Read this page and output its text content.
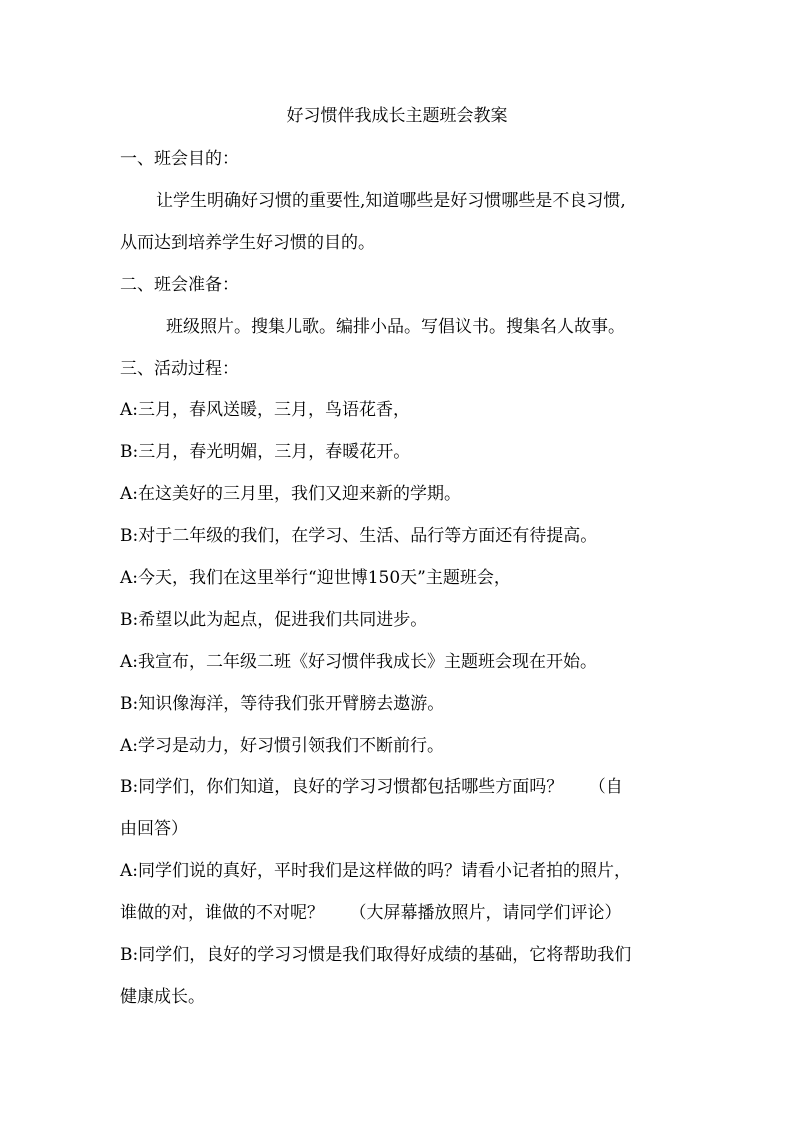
好习惯伴我成长主题班会教案
一、班会目的：
让学生明确好习惯的重要性,知道哪些是好习惯哪些是不良习惯,
从而达到培养学生好习惯的目的。
二、班会准备：
班级照片。搜集儿歌。编排小品。写倡议书。搜集名人故事。
三、活动过程：
A:三月，春风送暖，三月，鸟语花香，
B:三月，春光明媚，三月，春暖花开。
A:在这美好的三月里，我们又迎来新的学期。
B:对于二年级的我们，在学习、生活、品行等方面还有待提高。
A:今天，我们在这里举行“迎世博150天”主题班会，
B:希望以此为起点，促进我们共同进步。
A:我宣布，二年级二班《好习惯伴我成长》主题班会现在开始。
B:知识像海洋，等待我们张开臂膀去遨游。
A:学习是动力，好习惯引领我们不断前行。
B:同学们，你们知道，良好的学习习惯都包括哪些方面吗？　　（自
由回答）
A:同学们说的真好，平时我们是这样做的吗？请看小记者拍的照片，
谁做的对，谁做的不对呢？　　（大屏幕播放照片，请同学们评论）
B:同学们，良好的学习习惯是我们取得好成绩的基础，它将帮助我们
健康成长。
